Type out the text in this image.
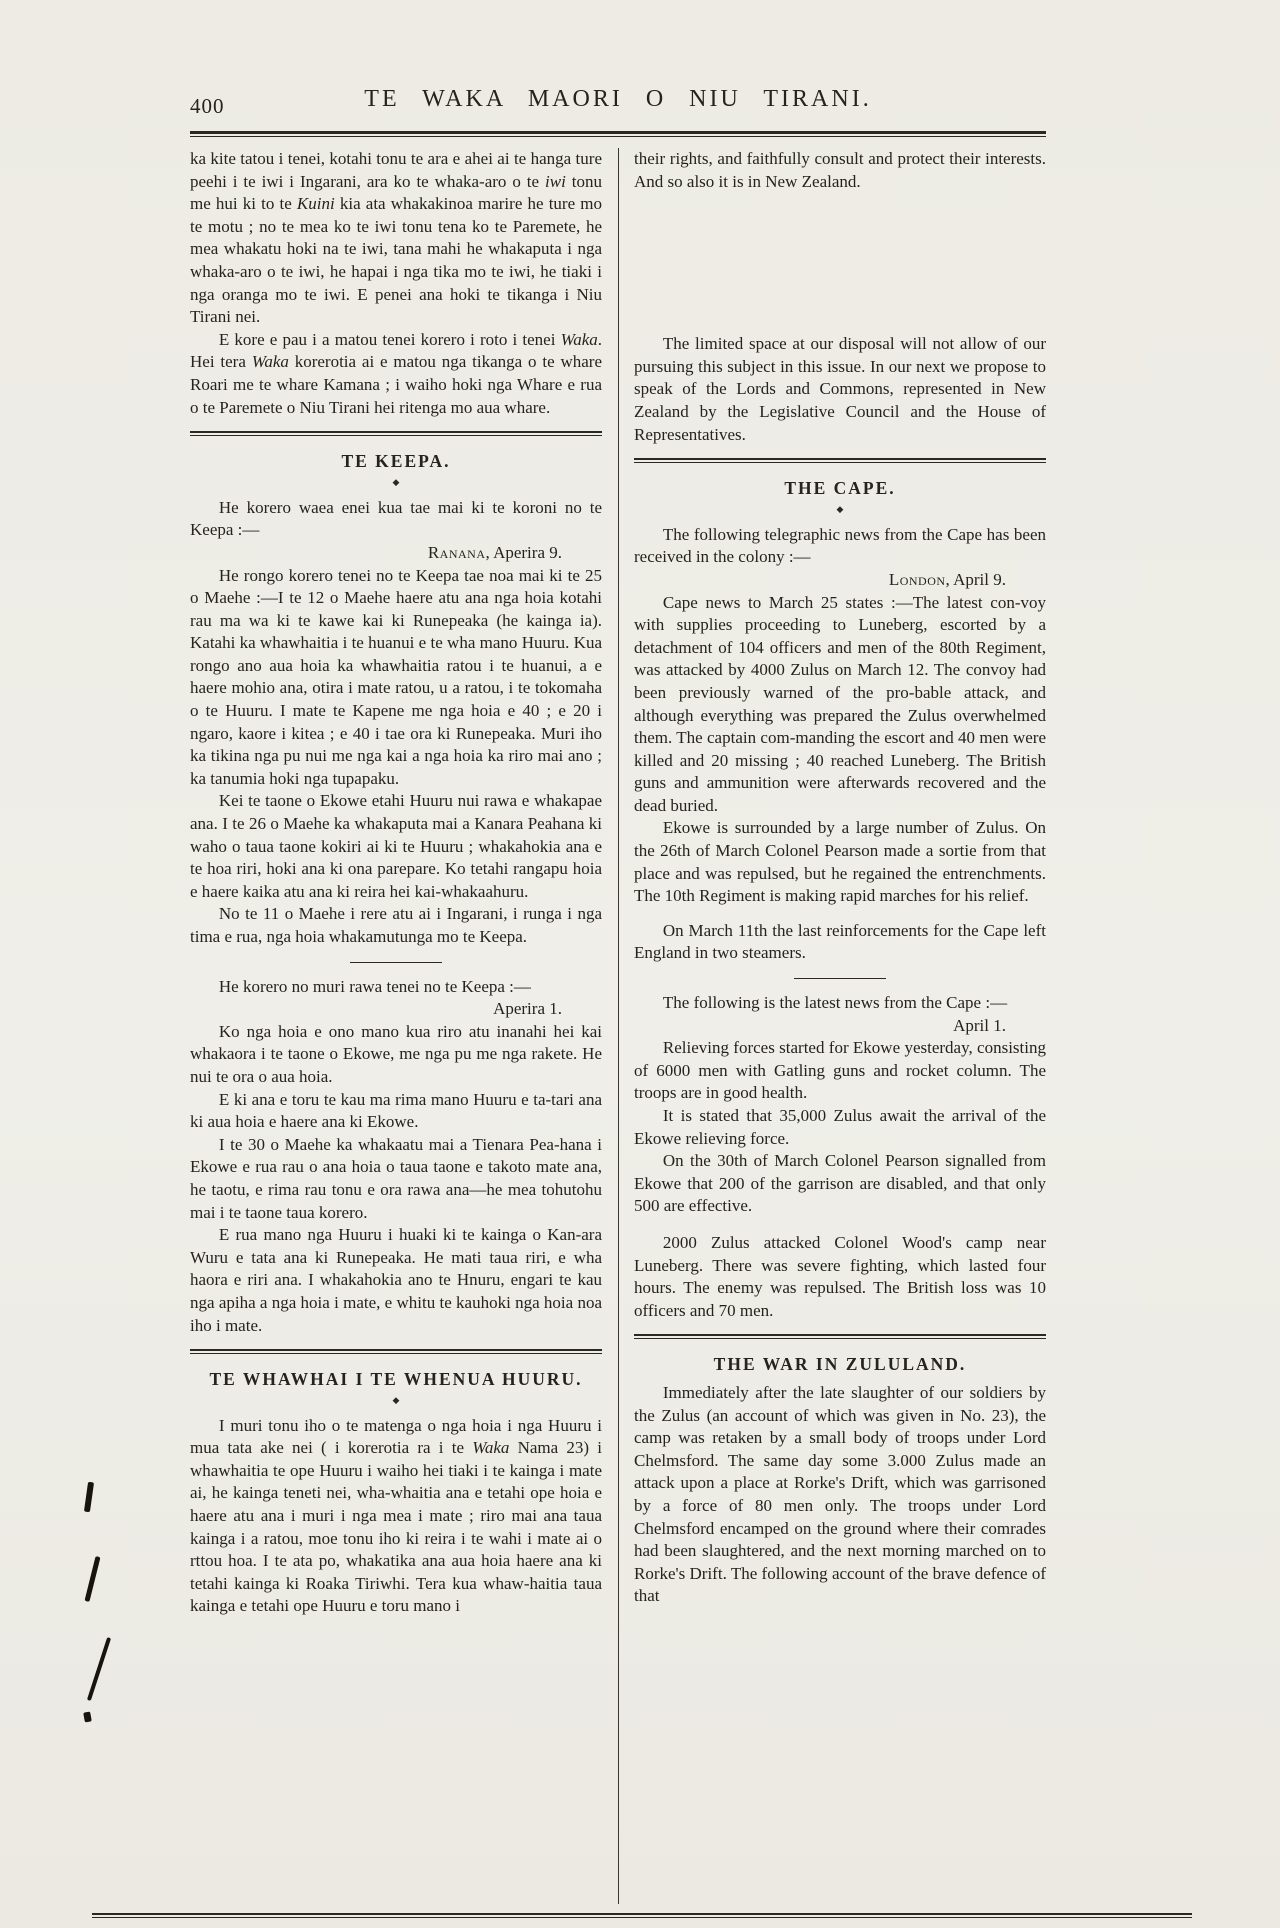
400	TE WAKA MAORI O NIU TIRANI.

ka kite tatou i tenei, kotahi tonu te ara e ahei ai te hanga ture peehi i te iwi i Ingarani, ara ko te whaka-aro o te iwi tonu me hui ki to te Kuini kia ata whakakinoa marire he ture mo te motu ; no te mea ko te iwi tonu tena ko te Paremete, he mea whakatu hoki na te iwi, tana mahi he whakaputa i nga whaka-aro o te iwi, he hapai i nga tika mo te iwi, he tiaki i nga oranga mo te iwi. E penei ana hoki te tikanga i Niu Tirani nei.

E kore e pau i a matou tenei korero i roto i tenei Waka. Hei tera Waka korerotia ai e matou nga tikanga o te whare Roari me te whare Kamana ; i waiho hoki nga Whare e rua o te Paremete o Niu Tirani hei ritenga mo aua whare.

TE KEEPA.
◆

He korero waea enei kua tae mai ki te koroni no te Keepa :—

Ranana, Aperira 9.

He rongo korero tenei no te Keepa tae noa mai ki te 25 o Maehe :—I te 12 o Maehe haere atu ana nga hoia kotahi rau ma wa ki te kawe kai ki Runepeaka (he kainga ia). Katahi ka whawhaitia i te huanui e te wha mano Huuru. Kua rongo ano aua hoia ka whawhaitia ratou i te huanui, a e haere mohio ana, otira i mate ratou, u a ratou, i te tokomaha o te Huuru. I mate te Kapene me nga hoia e 40 ; e 20 i ngaro, kaore i kitea ; e 40 i tae ora ki Runepeaka. Muri iho ka tikina nga pu nui me nga kai a nga hoia ka riro mai ano ; ka tanumia hoki nga tupapaku.

Kei te taone o Ekowe etahi Huuru nui rawa e whakapae ana. I te 26 o Maehe ka whakaputa mai a Kanara Peahana ki waho o taua taone kokiri ai ki te Huuru ; whakahokia ana e te hoa riri, hoki ana ki ona parepare. Ko tetahi rangapu hoia e haere kaika atu ana ki reira hei kai-whakaahuru.

No te 11 o Maehe i rere atu ai i Ingarani, i runga i nga tima e rua, nga hoia whakamutunga mo te Keepa.

He korero no muri rawa tenei no te Keepa :—

Aperira 1.

Ko nga hoia e ono mano kua riro atu inanahi hei kai whakaora i te taone o Ekowe, me nga pu me nga rakete. He nui te ora o aua hoia.

E ki ana e toru te kau ma rima mano Huuru e ta-tari ana ki aua hoia e haere ana ki Ekowe.

I te 30 o Maehe ka whakaatu mai a Tienara Pea-hana i Ekowe e rua rau o ana hoia o taua taone e takoto mate ana, he taotu, e rima rau tonu e ora rawa ana—he mea tohutohu mai i te taone taua korero.

E rua mano nga Huuru i huaki ki te kainga o Kan-ara Wuru e tata ana ki Runepeaka. He mati taua riri, e wha haora e riri ana. I whakahokia ano te Hnuru, engari te kau nga apiha a nga hoia i mate, e whitu te kauhoki nga hoia noa iho i mate.

TE WHAWHAI I TE WHENUA HUURU.
◆

I muri tonu iho o te matenga o nga hoia i nga Huuru i mua tata ake nei ( i korerotia ra i te Waka Nama 23) i whawhaitia te ope Huuru i waiho hei tiaki i te kainga i mate ai, he kainga teneti nei, wha-whaitia ana e tetahi ope hoia e haere atu ana i muri i nga mea i mate ; riro mai ana taua kainga i a ratou, moe tonu iho ki reira i te wahi i mate ai o rttou hoa. I te ata po, whakatika ana aua hoia haere ana ki tetahi kainga ki Roaka Tiriwhi. Tera kua whaw-haitia taua kainga e tetahi ope Huuru e toru mano i

their rights, and faithfully consult and protect their interests. And so also it is in New Zealand.

The limited space at our disposal will not allow of our pursuing this subject in this issue. In our next we propose to speak of the Lords and Commons, represented in New Zealand by the Legislative Council and the House of Representatives.

THE CAPE.
◆

The following telegraphic news from the Cape has been received in the colony :—

London, April 9.

Cape news to March 25 states :—The latest con-voy with supplies proceeding to Luneberg, escorted by a detachment of 104 officers and men of the 80th Regiment, was attacked by 4000 Zulus on March 12. The convoy had been previously warned of the pro-bable attack, and although everything was prepared the Zulus overwhelmed them. The captain com-manding the escort and 40 men were killed and 20 missing ; 40 reached Luneberg. The British guns and ammunition were afterwards recovered and the dead buried.

Ekowe is surrounded by a large number of Zulus. On the 26th of March Colonel Pearson made a sortie from that place and was repulsed, but he regained the entrenchments. The 10th Regiment is making rapid marches for his relief.

On March 11th the last reinforcements for the Cape left England in two steamers.

The following is the latest news from the Cape :—

April 1.

Relieving forces started for Ekowe yesterday, consisting of 6000 men with Gatling guns and rocket column. The troops are in good health.

It is stated that 35,000 Zulus await the arrival of the Ekowe relieving force.

On the 30th of March Colonel Pearson signalled from Ekowe that 200 of the garrison are disabled, and that only 500 are effective.

2000 Zulus attacked Colonel Wood's camp near Luneberg. There was severe fighting, which lasted four hours. The enemy was repulsed. The British loss was 10 officers and 70 men.

THE WAR IN ZULULAND.

Immediately after the late slaughter of our soldiers by the Zulus (an account of which was given in No. 23), the camp was retaken by a small body of troops under Lord Chelmsford. The same day some 3.000 Zulus made an attack upon a place at Rorke's Drift, which was garrisoned by a force of 80 men only. The troops under Lord Chelmsford encamped on the ground where their comrades had been slaughtered, and the next morning marched on to Rorke's Drift. The following account of the brave defence of that
